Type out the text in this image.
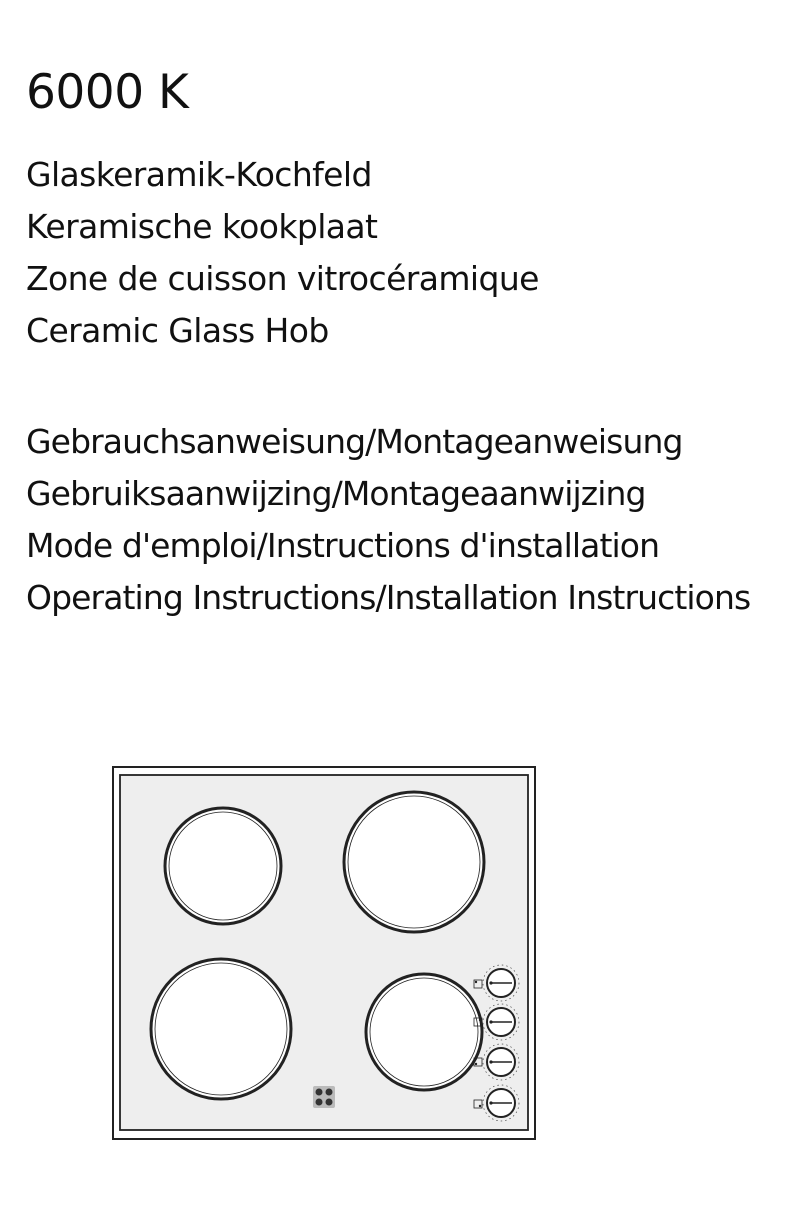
6000 K
Glaskeramik-Kochfeld
Keramische kookplaat
Zone de cuisson vitrocéramique
Ceramic Glass Hob
Gebrauchsanweisung/Montageanweisung
Gebruiksaanwijzing/Montageaanwijzing
Mode d'emploi/Instructions d'installation
Operating Instructions/Installation Instructions
